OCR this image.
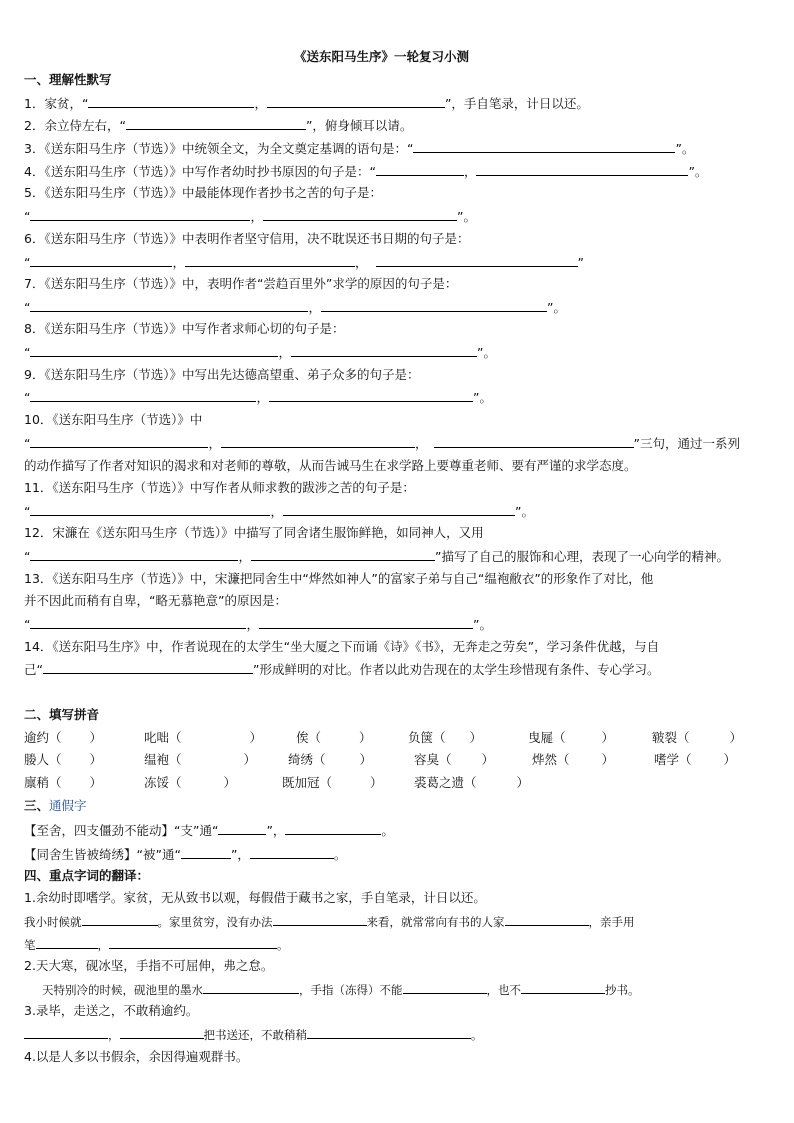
《送东阳马生序》一轮复习小测
一、理解性默写
1．家贫，“	，	”，手自笔录，计日以还。
2．余立侍左右，“	”，俯身倾耳以请。
3．《送东阳马生序（节选）》中统领全文，为全文奠定基调的语句是：“	”。
4．《送东阳马生序（节选）》中写作者幼时抄书原因的句子是：“	，	”。
5．《送东阳马生序（节选）》中最能体现作者抄书之苦的句子是：
“	，	”。
6．《送东阳马生序（节选）》中表明作者坚守信用，决不耽误还书日期的句子是：
“	，	，	”
7．《送东阳马生序（节选）》中，表明作者“尝趋百里外”求学的原因的句子是：
“	，	”。
8．《送东阳马生序（节选）》中写作者求师心切的句子是：
“	，	”。
9．《送东阳马生序（节选）》中写出先达德高望重、弟子众多的句子是：
“	，	”。
10．《送东阳马生序（节选）》中
“	，	，	”三句，通过一系列
的动作描写了作者对知识的渴求和对老师的尊敬，从而告诫马生在求学路上要尊重老师、要有严谨的求学态度。
11．《送东阳马生序（节选）》中写作者从师求教的跋涉之苦的句子是：
“	，	”。
12．宋濂在《送东阳马生序（节选）》中描写了同舍诸生服饰鲜艳，如同神人，又用
“	，	”描写了自己的服饰和心理，表现了一心向学的精神。
13．《送东阳马生序（节选）》中，宋濂把同舍生中“烨然如神人”的富家子弟与自己“缊袍敝衣”的形象作了对比，他
并不因此而稍有自卑，“略无慕艳意”的原因是：
“	，	”。
14．《送东阳马生序》中，作者说现在的太学生“坐大厦之下而诵《诗》《书》，无奔走之劳矣”，学习条件优越，与自
己“	”形成鲜明的对比。作者以此劝告现在的太学生珍惜现有条件、专心学习。
二、填写拼音
逾约（ ）	叱咄（	）	俟（	）	负箧（ ）	曳屣（	）	皲裂（	）
媵人（ ）	缊袍（	）	绮绣（	）	容臭（ ）	烨然（	）	嗜学（	）
廪稍（ ）	冻馁（	）	既加冠（	）	裘葛之遗（	）
三、通假字
【至舍，四支僵劲不能动】“支”通“	”，	。
【同舍生皆被绮绣】“被”通“	”，	。
四、重点字词的翻译：
1.余幼时即嗜学。家贫，无从致书以观，每假借于藏书之家，手自笔录，计日以还。
我小时候就	。家里贫穷，没有办法	来看，就常常向有书的人家	，亲手用
笔	，	。
2.天大寒，砚冰坚，手指不可屈伸，弗之怠。
天特别冷的时候，砚池里的墨水	，手指（冻得）不能	，也不	抄书。
3.录毕，走送之，不敢稍逾约。
，	把书送还，不敢稍稍	。
4.以是人多以书假余，余因得遍观群书。
